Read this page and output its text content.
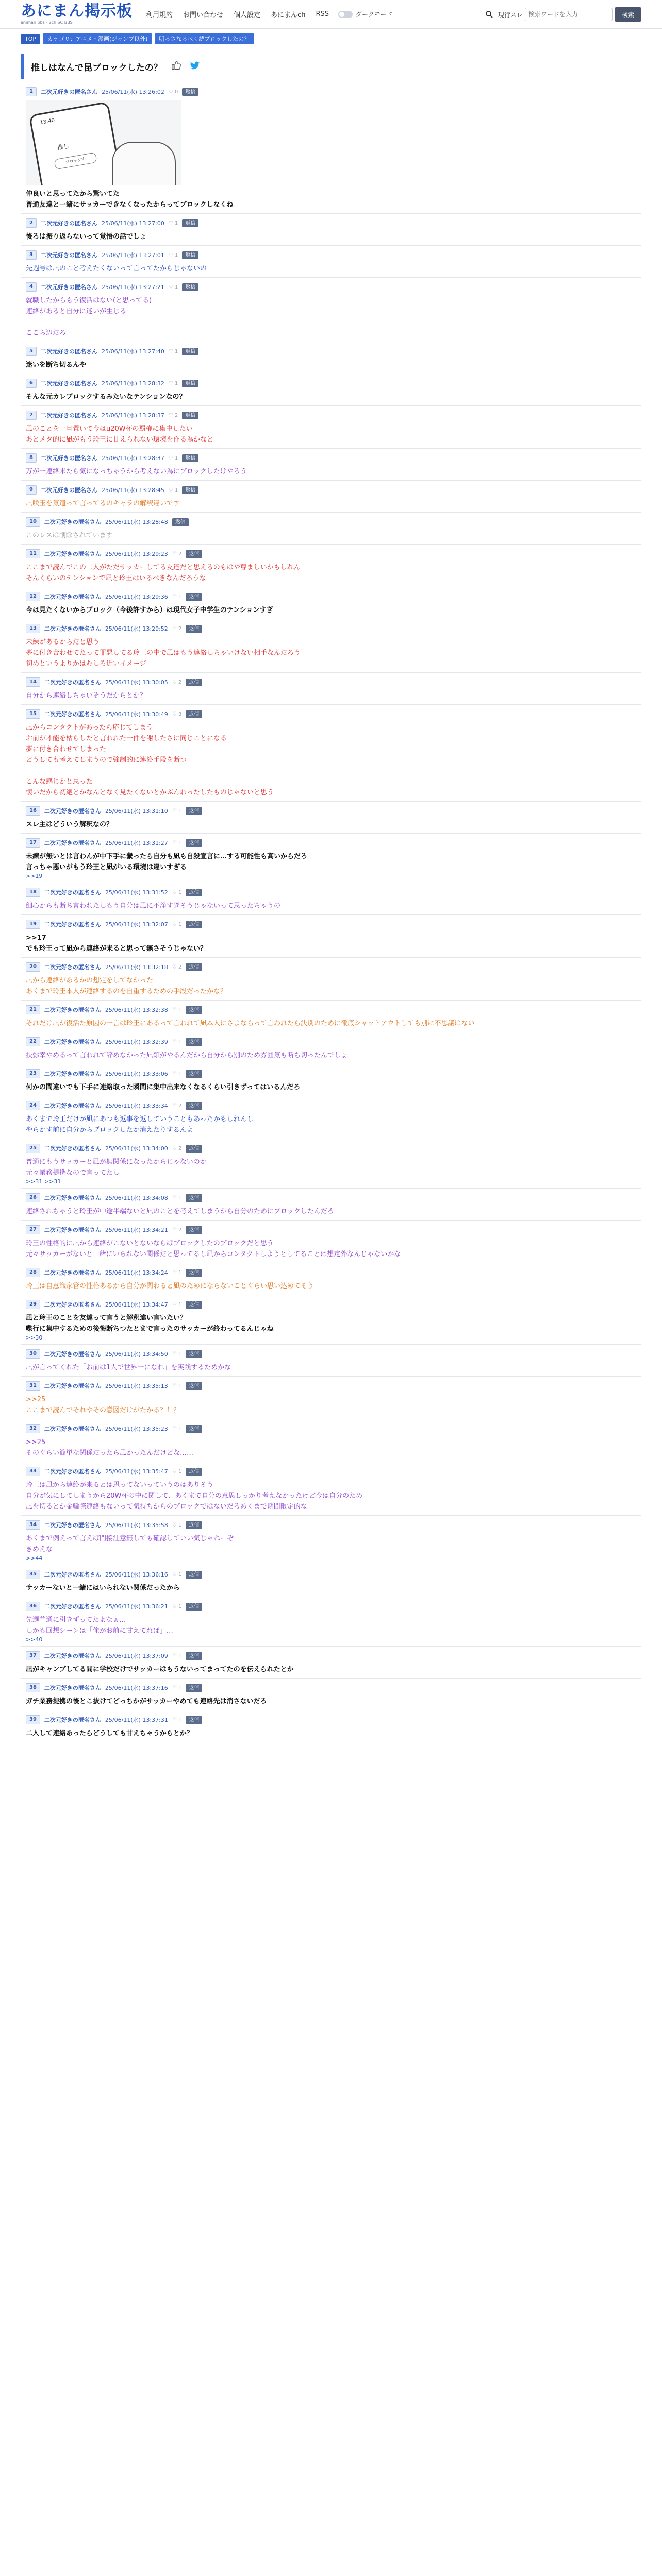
あにまん掲示板
animan bbs · 2ch SC BBS
利用規約 お問い合わせ 個人設定 あにまんch RSS	ダークモード	現行スレ
検索ワードを入力	検索
TOP	カテゴリ：アニメ・漫画(ジャンプ以外)	明るさなるべく続ブロックしたの？
推しはなんで昆ブロックしたの？
1	二次元好きの匿名さん 25/06/11(水) 13:26:02 ♡ 0	返信
13:40
推し
ブロック中
仲良いと思ってたから驚いてた
普通友達と一緒にサッカーできなくなったからってブロックしなくね
2	二次元好きの匿名さん 25/06/11(水) 13:27:00 ♡ 1	返信
後ろは振り返らないって覚悟の話でしょ
3	二次元好きの匿名さん 25/06/11(水) 13:27:01 ♡ 1	返信
先週号は凪のこと考えたくないって言ってたからじゃないの
4	二次元好きの匿名さん 25/06/11(水) 13:27:21 ♡ 1	返信
就職したからもう復活はない(と思ってる)
連絡があると自分に迷いが生じる

ここら辺だろ
5	二次元好きの匿名さん 25/06/11(水) 13:27:40 ♡ 1	返信
迷いを断ち切るんや
6	二次元好きの匿名さん 25/06/11(水) 13:28:32 ♡ 1	返信
そんな元カレブロックするみたいなテンションなの？
7	二次元好きの匿名さん 25/06/11(水) 13:28:37 ♡ 2	返信
凪のことを一旦置いて今はu20W杯の覇權に集中したい
あとメタ的に凪がもう玲王に甘えられない環境を作る為かなと
8	二次元好きの匿名さん 25/06/11(水) 13:28:37 ♡ 1	返信
万が一連絡来たら気になっちゃうから考えない為にブロックしたけやろう
9	二次元好きの匿名さん 25/06/11(水) 13:28:45 ♡ 1	返信
凪咲玉を気遣って言ってるのキャラの解釈違いです
10	二次元好きの匿名さん 25/06/11(水) 13:28:48	返信
このレスは削除されています
11	二次元好きの匿名さん 25/06/11(水) 13:29:23 ♡ 2	返信
ここまで読んでこの二人がただサッカーしてる友達だと思えるのもはや尊ましいかもしれん
そんくらいのテンションで凪と玲王はいるべきなんだろうな
12	二次元好きの匿名さん 25/06/11(水) 13:29:36 ♡ 1	返信
今は見たくないからブロック（今後許すから）は現代女子中学生のテンションすぎ
13	二次元好きの匿名さん 25/06/11(水) 13:29:52 ♡ 2	返信
未練があるからだと思う
夢に付き合わせてたって罪悪してる玲王の中で凪はもう連絡しちゃいけない相手なんだろう
初めというよりかはむしろ近いイメージ
14	二次元好きの匿名さん 25/06/11(水) 13:30:05 ♡ 2	返信
自分から連絡しちゃいそうだからとか？
15	二次元好きの匿名さん 25/06/11(水) 13:30:49 ♡ 3	返信
凪からコンタクトがあったら応じてしまう
お前が才能を枯らしたと言われた一件を謝したさに同じことになる
夢に付き合わせてしまった
どうしても考えてしまうので強制的に連絡手段を断つ

こんな感じかと思った
懐いだから初絶とかなんとなく見たくないとかぶんわったしたものじゃないと思う
16	二次元好きの匿名さん 25/06/11(水) 13:31:10 ♡ 1	返信
スレ主はどういう解釈なの？
17	二次元好きの匿名さん 25/06/11(水) 13:31:27 ♡ 1	返信
未練が無いとは言わんが中下手に繋ったら自分も凪も自殺宣言に…する可能性も高いからだろ
言っちゃ悪いがもう玲王と凪がいる環境は違いすぎる
>>19
18	二次元好きの匿名さん 25/06/11(水) 13:31:52 ♡ 1	返信
細心からも断ち言われたしもう自分は凪に不浄すぎそうじゃないって思ったちゃうの
19	二次元好きの匿名さん 25/06/11(水) 13:32:07 ♡ 1	返信
>>17
でも玲王って凪から連絡が来ると思って無さそうじゃない？
20	二次元好きの匿名さん 25/06/11(水) 13:32:18 ♡ 2	返信
凪から連絡があるかの想定をしてなかった
あくまで玲王本人が連絡するのを自重するための手段だったかな？
21	二次元好きの匿名さん 25/06/11(水) 13:32:38 ♡ 1	返信
それだけ凪が復活た原因の一言は玲王にあるって言われて凪本人にさよならって言われたら決別のために徹底シャットアウトしても別に不思議はない
22	二次元好きの匿名さん 25/06/11(水) 13:32:39 ♡ 1	返信
扶弥幸やめるって言われて辞めなかった凪類がやるんだから自分から別のため雰囲気も断ち切ったんでしょ
23	二次元好きの匿名さん 25/06/11(水) 13:33:06 ♡ 1	返信
何かの間違いでも下手に連絡取った瞬間に集中出来なくなるくらい引きずってはいるんだろ
24	二次元好きの匿名さん 25/06/11(水) 13:33:34 ♡ 2	返信
あくまで玲王だけが凪にあつも返事を返していうこともあったかもしれんし
やらかす前に自分からブロックしたか消えたりするんよ
25	二次元好きの匿名さん 25/06/11(水) 13:34:00 ♡ 2	返信
普通にもうサッカーと凪が無関係になったからじゃないのか
元々業務提携なので言ってたし
>>31 >>31
26	二次元好きの匿名さん 25/06/11(水) 13:34:08 ♡ 1	返信
連絡されちゃうと玲王が中途半端ないと凪のことを考えてしまうから自分のためにブロックしたんだろ
27	二次元好きの匿名さん 25/06/11(水) 13:34:21 ♡ 2	返信
玲王の性格的に凪から連絡がこないとないならばブロックしたのブロックだと思う
元々サッカーがないと一緒にいられない関係だと思ってるし凪からコンタクトしようとしてることは想定外なんじゃないかな
28	二次元好きの匿名さん 25/06/11(水) 13:34:24 ♡ 1	返信
玲王は自意識家管の性格あるから自分が関わると凪のためにならないことぐらい思い込めてそう
29	二次元好きの匿名さん 25/06/11(水) 13:34:47 ♡ 1	返信
凪と玲王のことを友達って言うと解釈違い言いたい？
喋行に集中するための後悔断ちつたとまで言ったのサッカーが終わってるんじゃね
>>30
30	二次元好きの匿名さん 25/06/11(水) 13:34:50 ♡ 1	返信
凪が言ってくれた「お前は1人で世界一になれ」を実践するためかな
31	二次元好きの匿名さん 25/06/11(水) 13:35:13 ♡ 1	返信
>>25
ここまで読んでそれやその意図だけがたかる？！？
32	二次元好きの匿名さん 25/06/11(水) 13:35:23 ♡ 1	返信
>>25
そのぐらい簡単な関係だったら凪かったんだけどな……
33	二次元好きの匿名さん 25/06/11(水) 13:35:47 ♡ 1	返信
玲王は凪から連絡が来るとは思ってないっていうのはありそう
自分が気にしてしまうから20W杯の中に関して、あくまで自分の意思しっかり考えなかったけど今は自分のため
凪を切るとか金輪際連絡もないって気持ちからのブロックではないだろあくまで期間限定的な
34	二次元好きの匿名さん 25/06/11(水) 13:35:58 ♡ 1	返信
あくまで例えって言えば間接注意無しても確認していい気じゃねーぞ
きめえな
>>44
35	二次元好きの匿名さん 25/06/11(水) 13:36:16 ♡ 1	返信
サッカーないと一緒にはいられない関係だったから
36	二次元好きの匿名さん 25/06/11(水) 13:36:21 ♡ 1	返信
先週普通に引きずってたよなぁ…
しかも回想シーンは「俺がお前に甘えてれば」…
>>40
37	二次元好きの匿名さん 25/06/11(水) 13:37:09 ♡ 1	返信
凪がキャンプしてる間に学校だけでサッカーはもうないってまってたのを伝えられたとか
38	二次元好きの匿名さん 25/06/11(水) 13:37:16 ♡ 1	返信
ガチ業務提携の後とこ抜けてどっちかがサッカーやめても連絡先は消さないだろ
39	二次元好きの匿名さん 25/06/11(水) 13:37:31 ♡ 1	返信
二人して連絡あったらどうしても甘えちゃうからとか？
